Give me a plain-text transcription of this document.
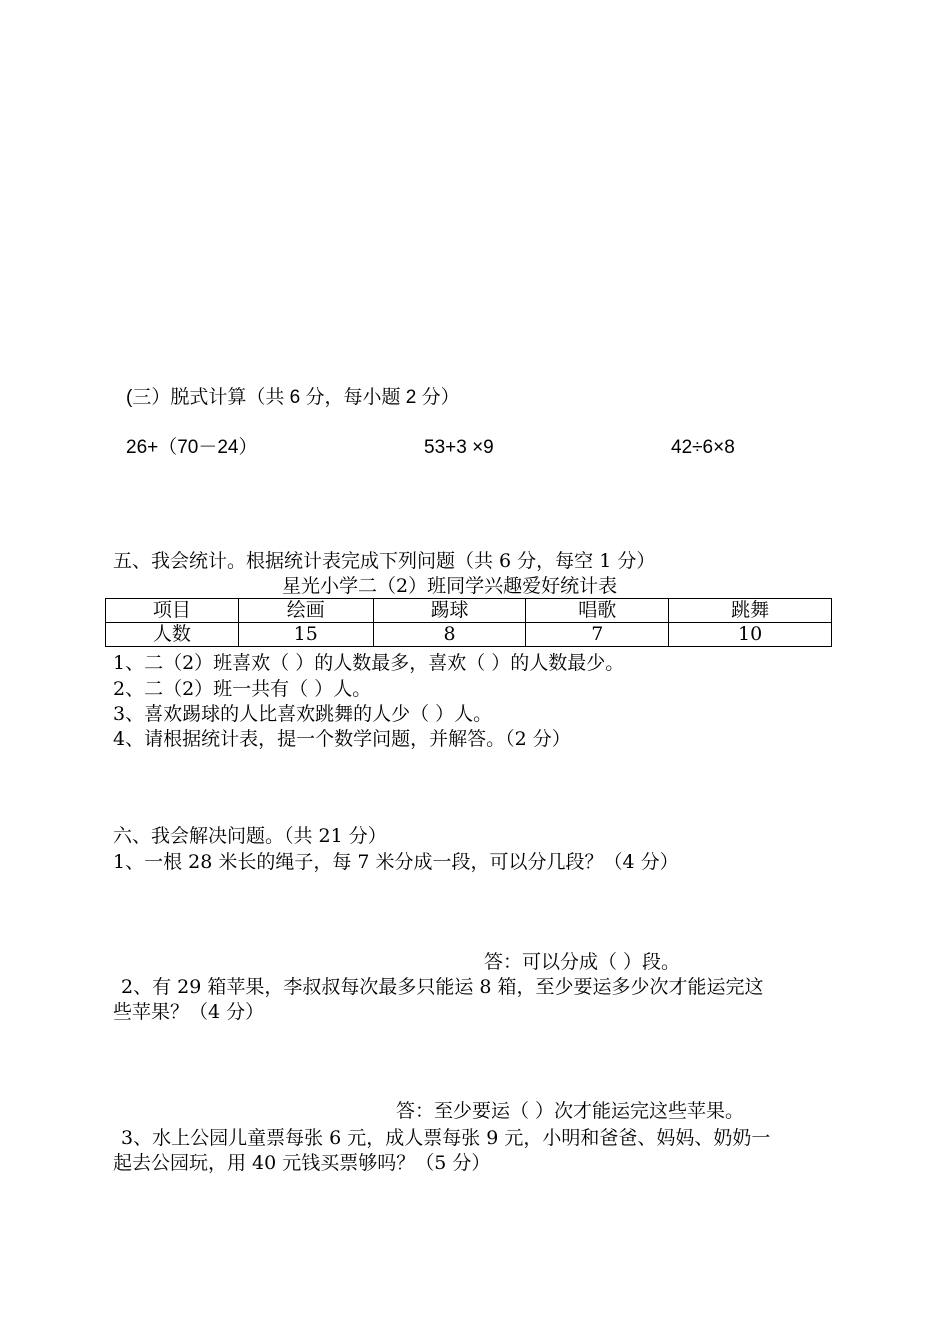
(三）脱式计算（共 6 分，每小题 2 分）
26+（70－24）	53+3 ×9	42÷6×8
五、我会统计。根据统计表完成下列问题（共 6 分，每空 1 分）
星光小学二（2）班同学兴趣爱好统计表
项目	绘画	踢球	唱歌	跳舞
人数	15	8	7	10
1、二（2）班喜欢（ ）的人数最多，喜欢（ ）的人数最少。
2、二（2）班一共有（ ）人。
3、喜欢踢球的人比喜欢跳舞的人少（ ）人。
4、请根据统计表，提一个数学问题，并解答。（2 分）
六、我会解决问题。（共 21 分）
1、一根 28 米长的绳子，每 7 米分成一段，可以分几段？（4 分）
答：可以分成（ ）段。
2、有 29 箱苹果，李叔叔每次最多只能运 8 箱，至少要运多少次才能运完这
些苹果？（4 分）
答：至少要运（ ）次才能运完这些苹果。
3、水上公园儿童票每张 6 元，成人票每张 9 元，小明和爸爸、妈妈、奶奶一
起去公园玩，用 40 元钱买票够吗？（5 分）
